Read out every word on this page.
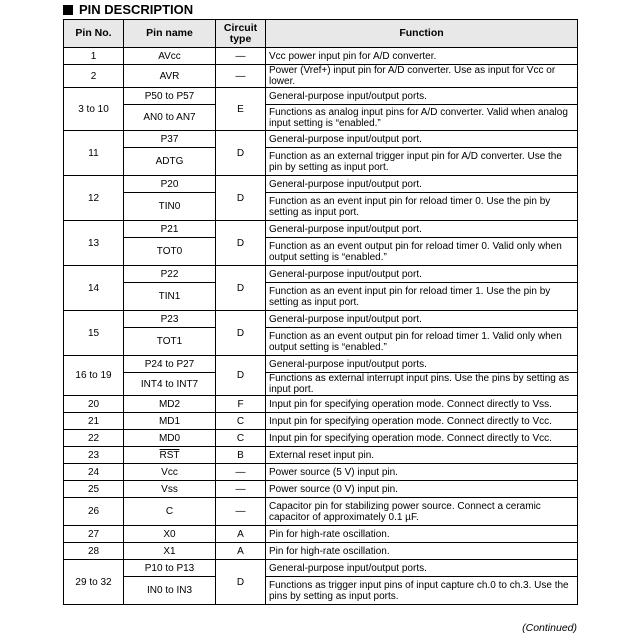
PIN DESCRIPTION
Pin No.	Pin name	Circuit type	Function
1	AVcc	—	Vcc power input pin for A/D converter.
2	AVR	—	Power (Vref+) input pin for A/D converter. Use as input for Vcc or lower.
3 to 10	P50 to P57	E	General-purpose input/output ports.
	AN0 to AN7		Functions as analog input pins for A/D converter. Valid when analog input setting is “enabled.”
11	P37	D	General-purpose input/output port.
	ADTG		Function as an external trigger input pin for A/D converter. Use the pin by setting as input port.
12	P20	D	General-purpose input/output port.
	TIN0		Function as an event input pin for reload timer 0. Use the pin by setting as input port.
13	P21	D	General-purpose input/output port.
	TOT0		Function as an event output pin for reload timer 0. Valid only when output setting is “enabled.”
14	P22	D	General-purpose input/output port.
	TIN1		Function as an event input pin for reload timer 1. Use the pin by setting as input port.
15	P23	D	General-purpose input/output port.
	TOT1		Function as an event output pin for reload timer 1. Valid only when output setting is “enabled.”
16 to 19	P24 to P27	D	General-purpose input/output ports.
	INT4 to INT7		Functions as external interrupt input pins. Use the pins by setting as input port.
20	MD2	F	Input pin for specifying operation mode. Connect directly to Vss.
21	MD1	C	Input pin for specifying operation mode. Connect directly to Vcc.
22	MD0	C	Input pin for specifying operation mode. Connect directly to Vcc.
23	$\overline{RST}$	B	External reset input pin.
24	Vcc	—	Power source (5 V) input pin.
25	Vss	—	Power source (0 V) input pin.
26	C	—	Capacitor pin for stabilizing power source. Connect a ceramic capacitor of approximately 0.1 µF.
27	X0	A	Pin for high-rate oscillation.
28	X1	A	Pin for high-rate oscillation.
29 to 32	P10 to P13	D	General-purpose input/output ports.
	IN0 to IN3		Functions as trigger input pins of input capture ch.0 to ch.3. Use the pins by setting as input ports.
(Continued)
